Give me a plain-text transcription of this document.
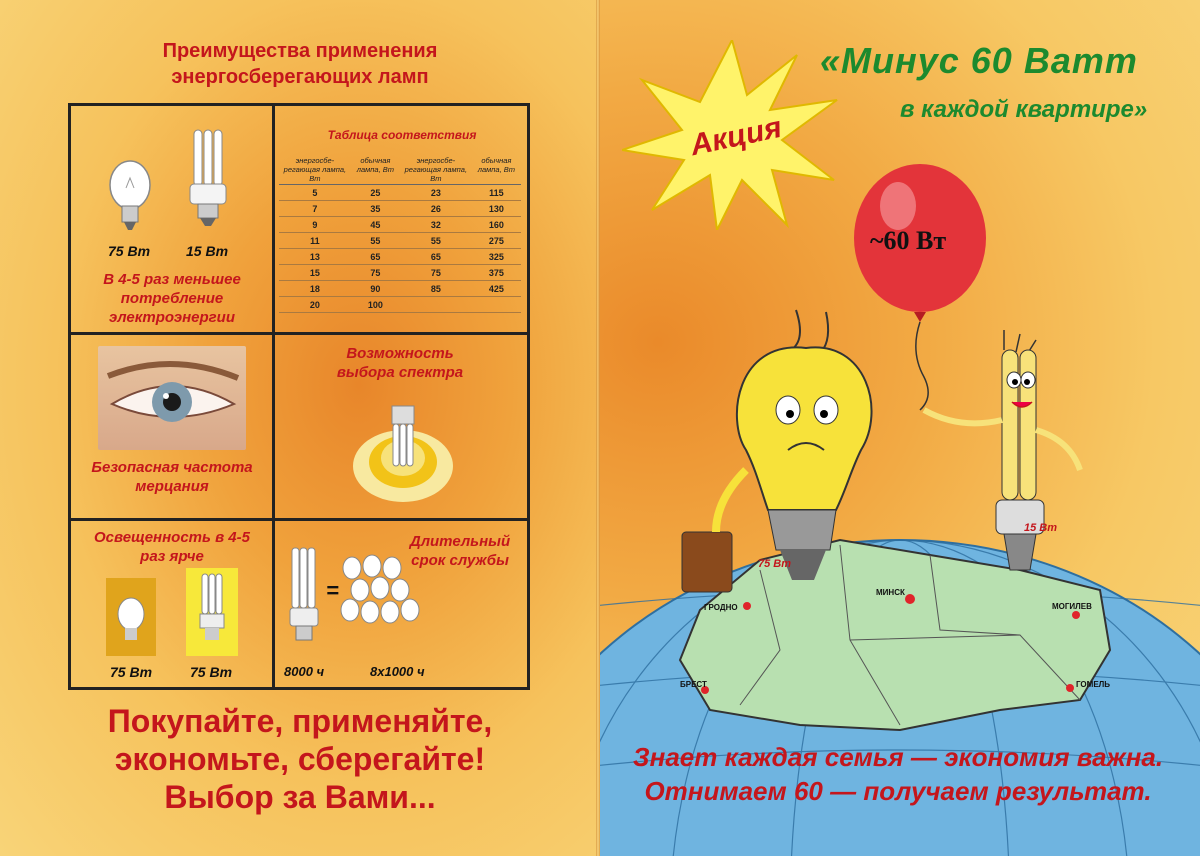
Преимущества применения
энергосберегающих ламп
75 Вт	15 Вт
В 4-5 раз меньшее потребление электроэнергии
Таблица соответствия
энергосбе-регающая лампа, Вт	обычная лампа, Вт	энергосбе-регающая лампа, Вт	обычная лампа, Вт
5	25	23	115
7	35	26	130
9	45	32	160
11	55	55	275
13	65	65	325
15	75	75	375
18	90	85	425
20	100		
Безопасная частота мерцания
Возможность выбора спектра
Освещенность в 4-5 раз ярче
75 Вт	75 Вт
=
Длительный срок службы
8000 ч	8х1000 ч
Покупайте, применяйте,
экономьте, сберегайте!
Выбор за Вами...
Акция
«Минус 60 Ватт
в каждой квартире»
~60 Вт
ГРОДНО
МИНСК
МОГИЛЕВ
БРЕСТ	ГОМЕЛЬ
75 Вт
15 Вт
Знает каждая семья — экономия важна.
Отнимаем 60 — получаем результат.
